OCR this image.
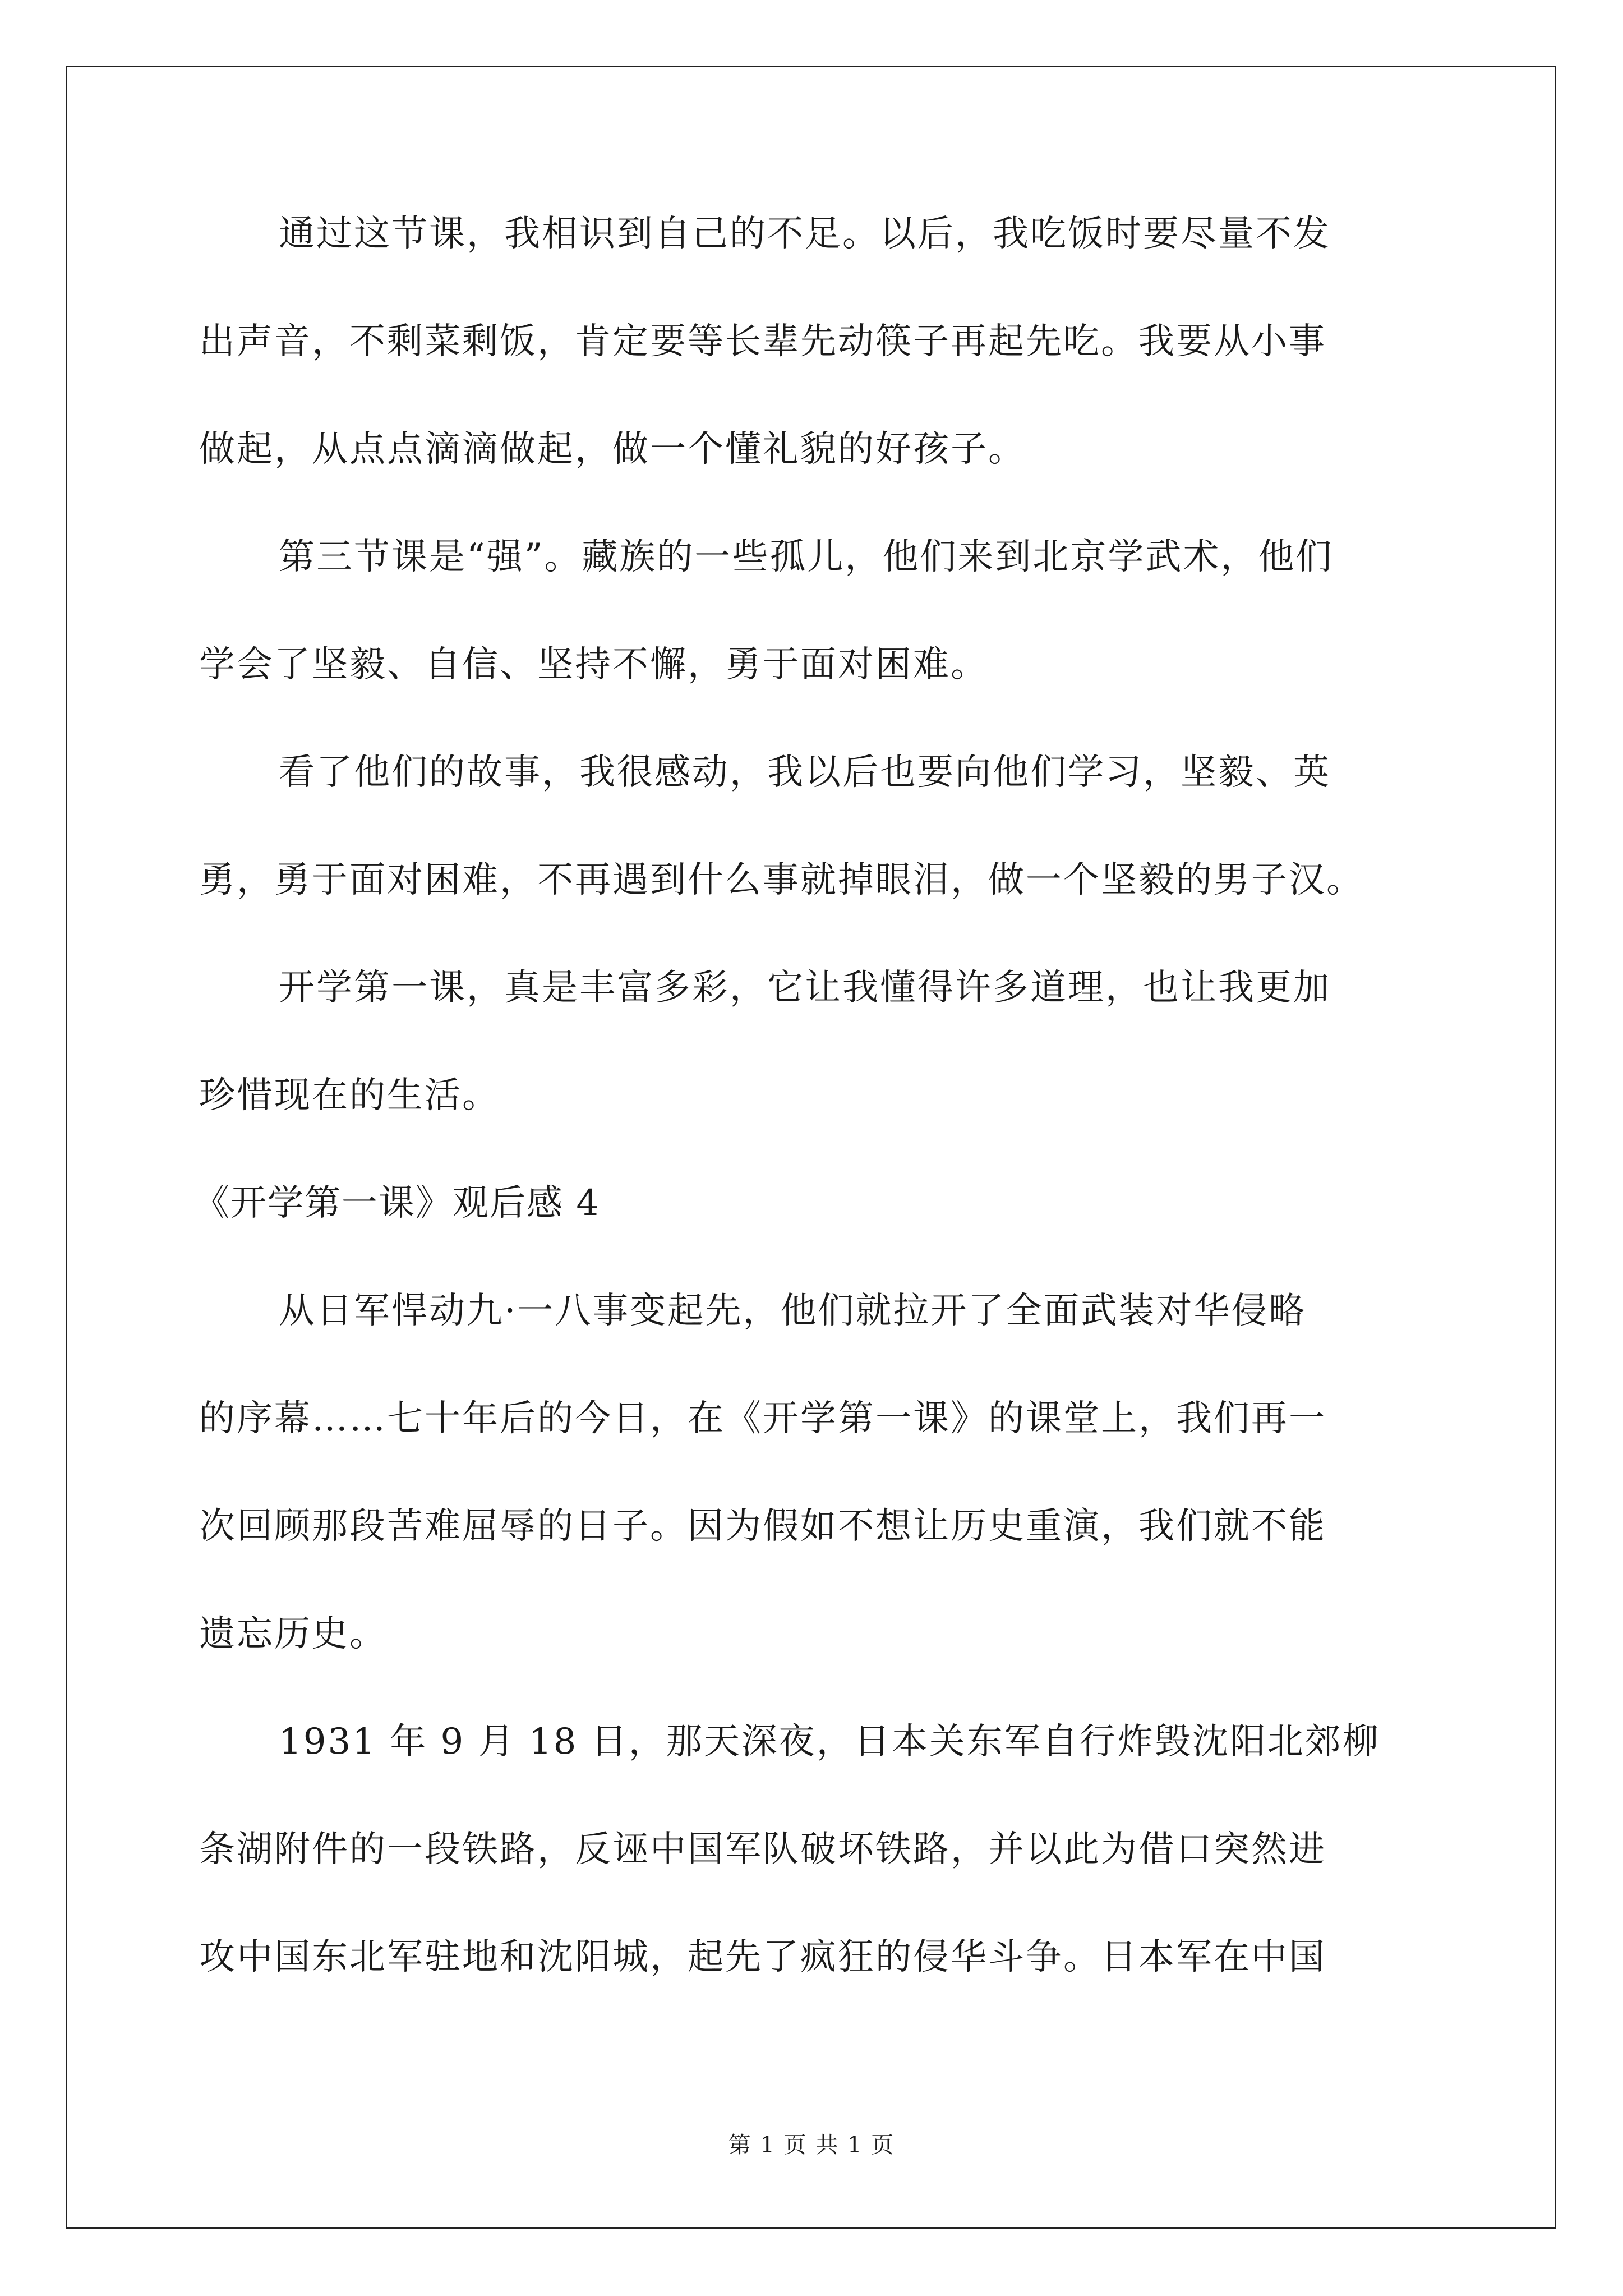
通过这节课，我相识到自己的不足。以后，我吃饭时要尽量不发
出声音，不剩菜剩饭，肯定要等长辈先动筷子再起先吃。我要从小事
做起，从点点滴滴做起，做一个懂礼貌的好孩子。
第三节课是“强”。藏族的一些孤儿，他们来到北京学武术，他们
学会了坚毅、自信、坚持不懈，勇于面对困难。
看了他们的故事，我很感动，我以后也要向他们学习，坚毅、英
勇，勇于面对困难，不再遇到什么事就掉眼泪，做一个坚毅的男子汉。
开学第一课，真是丰富多彩，它让我懂得许多道理，也让我更加
珍惜现在的生活。
《开学第一课》观后感 4
从日军悍动九·一八事变起先，他们就拉开了全面武装对华侵略
的序幕……七十年后的今日，在《开学第一课》的课堂上，我们再一
次回顾那段苦难屈辱的日子。因为假如不想让历史重演，我们就不能
遗忘历史。
1931 年 9 月 18 日，那天深夜，日本关东军自行炸毁沈阳北郊柳
条湖附件的一段铁路，反诬中国军队破坏铁路，并以此为借口突然进
攻中国东北军驻地和沈阳城，起先了疯狂的侵华斗争。日本军在中国
第 1 页 共 1 页
